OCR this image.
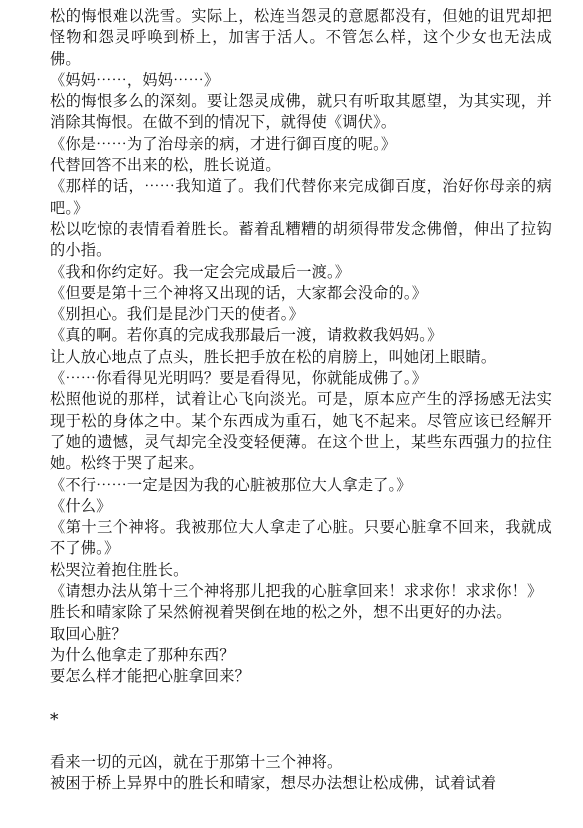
松的悔恨难以洗雪。实际上，松连当怨灵的意愿都没有，但她的诅咒却把怪物和怨灵呼唤到桥上，加害于活人。不管怎么样，这个少女也无法成佛。

《妈妈⋯⋯，妈妈⋯⋯》

松的悔恨多么的深刻。要让怨灵成佛，就只有听取其愿望，为其实现，并消除其悔恨。在做不到的情况下，就得使《调伏》。

《你是⋯⋯为了治母亲的病，才进行御百度的呢。》

代替回答不出来的松，胜长说道。

《那样的话，⋯⋯我知道了。我们代替你来完成御百度，治好你母亲的病吧。》

松以吃惊的表情看着胜长。蓄着乱糟糟的胡须得带发念佛僧，伸出了拉钩的小指。

《我和你约定好。我一定会完成最后一渡。》

《但要是第十三个神将又出现的话，大家都会没命的。》

《别担心。我们是昆沙门天的使者。》

《真的啊。若你真的完成我那最后一渡，请救救我妈妈。》

让人放心地点了点头，胜长把手放在松的肩膀上，叫她闭上眼睛。

《⋯⋯你看得见光明吗？要是看得见，你就能成佛了。》

松照他说的那样，试着让心飞向淡光。可是，原本应产生的浮扬感无法实现于松的身体之中。某个东西成为重石，她飞不起来。尽管应该已经解开了她的遗憾，灵气却完全没变轻便薄。在这个世上，某些东西强力的拉住她。松终于哭了起来。

《不行⋯⋯一定是因为我的心脏被那位大人拿走了。》

《什么》

《第十三个神将。我被那位大人拿走了心脏。只要心脏拿不回来，我就成不了佛。》

松哭泣着抱住胜长。

《请想办法从第十三个神将那儿把我的心脏拿回来！求求你！求求你！》

胜长和晴家除了呆然俯视着哭倒在地的松之外，想不出更好的办法。

取回心脏？

为什么他拿走了那种东西？

要怎么样才能把心脏拿回来？

*

看来一切的元凶，就在于那第十三个神将。

被困于桥上异界中的胜长和晴家，想尽办法想让松成佛，试着试着
